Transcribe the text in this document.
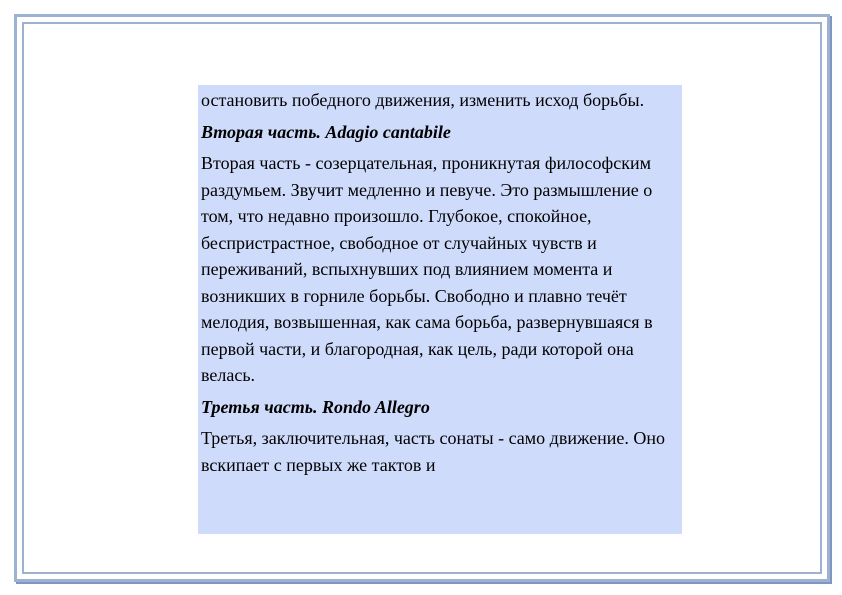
остановить победного движения, изменить исход борьбы.

Вторая часть. Adagio cantabile

Вторая часть - созерцательная, проникнутая философским раздумьем. Звучит медленно и певуче. Это размышление о том, что недавно произошло. Глубокое, спокойное, беспристрастное, свободное от случайных чувств и переживаний, вспыхнувших под влиянием момента и возникших в горниле борьбы. Свободно и плавно течёт мелодия, возвышенная, как сама борьба, развернувшаяся в первой части, и благородная, как цель, ради которой она велась.

Третья часть. Rondo Allegro

Третья, заключительная, часть сонаты - само движение. Оно вскипает с первых же тактов и
